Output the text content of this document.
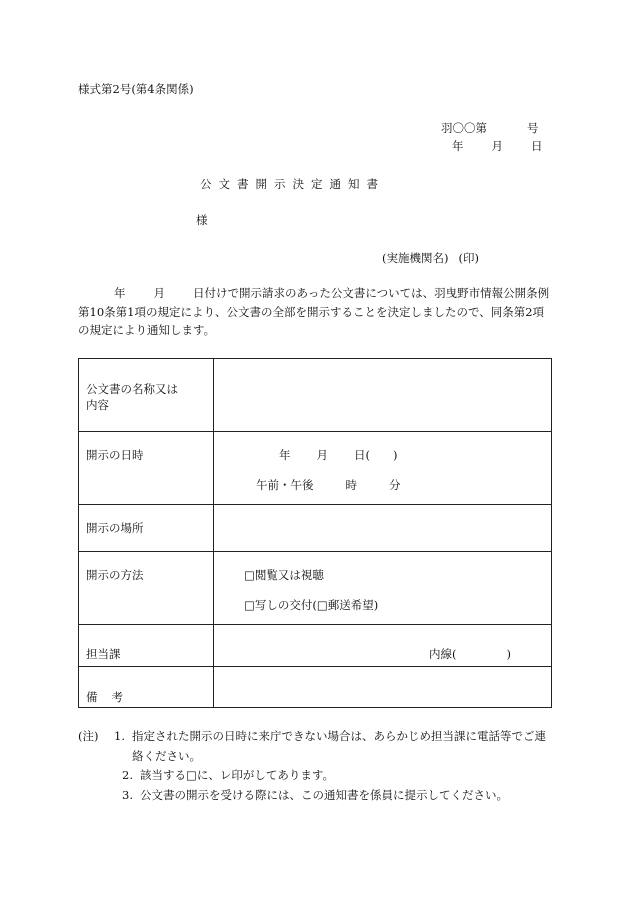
様式第2号(第4条関係)
羽〇〇第	号
年 月 日
公文書開示決定通知書
様
(実施機関名) (印)
年 月 日付けで開示請求のあった公文書については、羽曳野市情報公開条例
第10条第1項の規定により、公文書の全部を開示することを決定しましたので、同条第2項
の規定により通知します。
公文書の名称又は
内容	

開示の日時	年 月 日(　　)
午前・午後 時 分

開示の場所	

開示の方法	□閲覧又は視聴
□写しの交付(□郵送希望)

担当課	内線( )

備考	

(注) 1. 指定された開示の日時に来庁できない場合は、あらかじめ担当課に電話等でご連
絡ください。
2. 該当する□に、レ印がしてあります。
3. 公文書の開示を受ける際には、この通知書を係員に提示してください。
